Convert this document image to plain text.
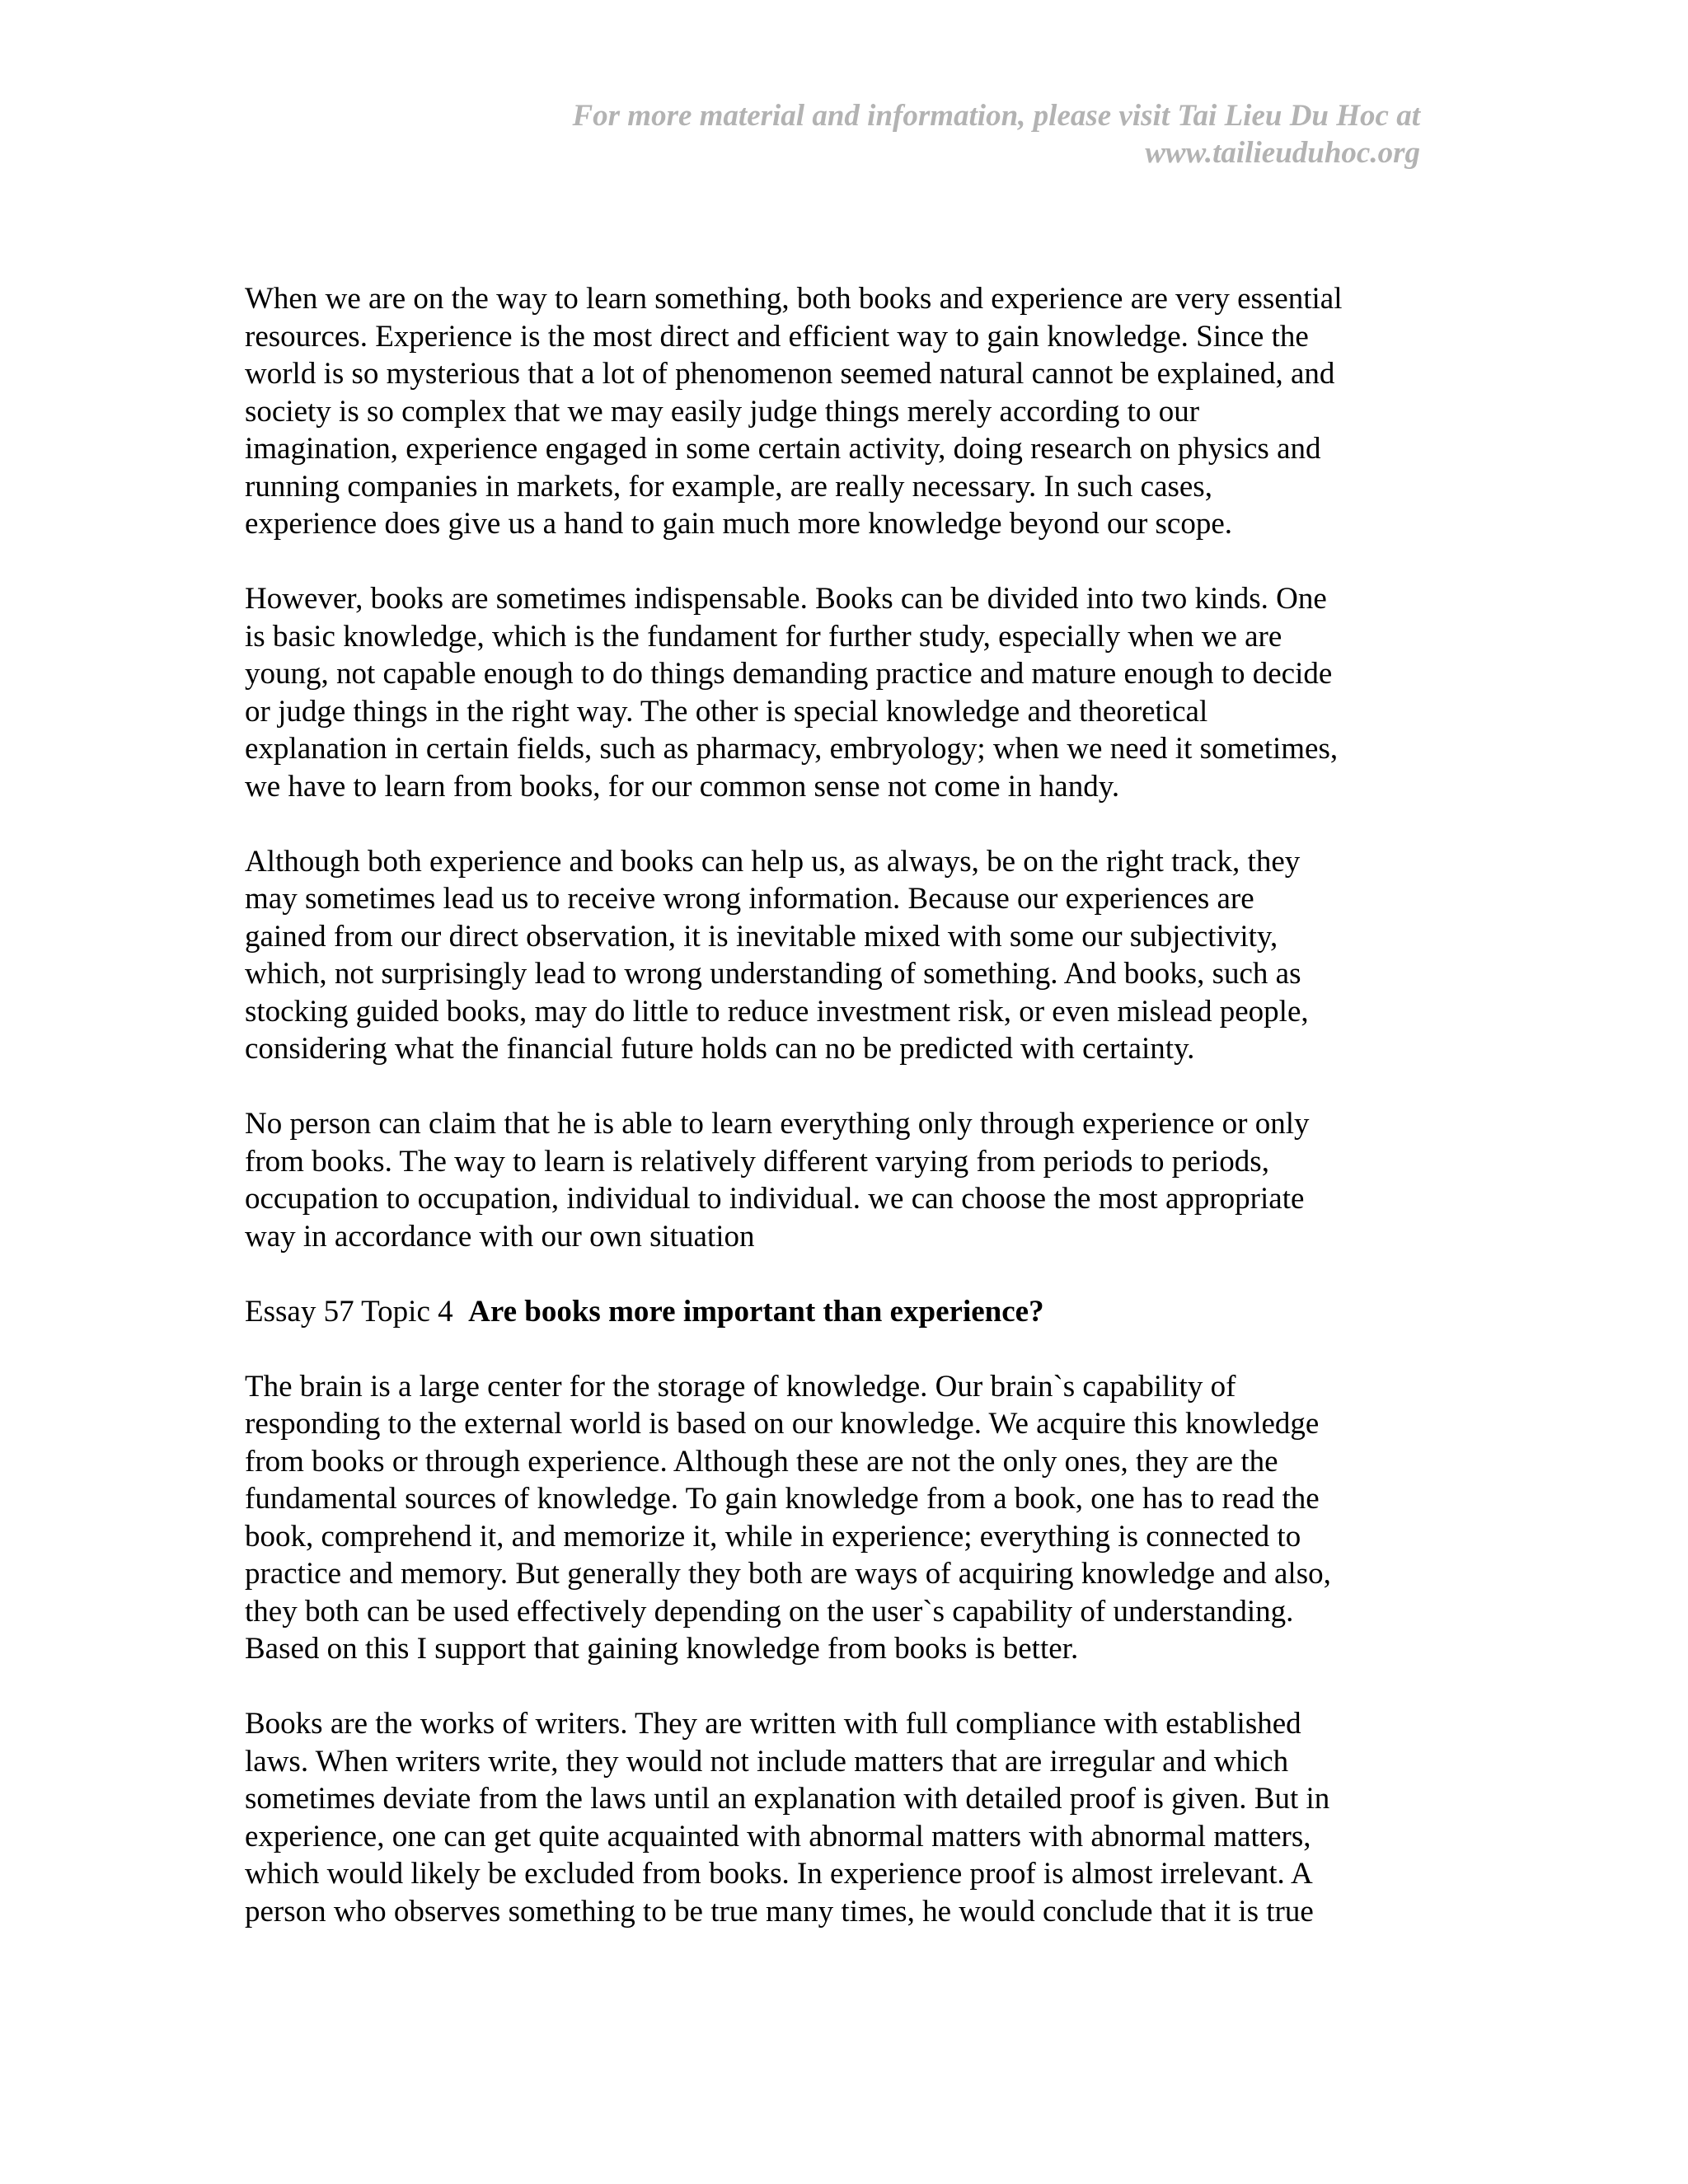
For more material and information, please visit Tai Lieu Du Hoc at
www.tailieuduhoc.org
When we are on the way to learn something, both books and experience are very essential
resources. Experience is the most direct and efficient way to gain knowledge. Since the
world is so mysterious that a lot of phenomenon seemed natural cannot be explained, and
society is so complex that we may easily judge things merely according to our
imagination, experience engaged in some certain activity, doing research on physics and
running companies in markets, for example, are really necessary. In such cases,
experience does give us a hand to gain much more knowledge beyond our scope.
However, books are sometimes indispensable. Books can be divided into two kinds. One
is basic knowledge, which is the fundament for further study, especially when we are
young, not capable enough to do things demanding practice and mature enough to decide
or judge things in the right way. The other is special knowledge and theoretical
explanation in certain fields, such as pharmacy, embryology; when we need it sometimes,
we have to learn from books, for our common sense not come in handy.
Although both experience and books can help us, as always, be on the right track, they
may sometimes lead us to receive wrong information. Because our experiences are
gained from our direct observation, it is inevitable mixed with some our subjectivity,
which, not surprisingly lead to wrong understanding of something. And books, such as
stocking guided books, may do little to reduce investment risk, or even mislead people,
considering what the financial future holds can no be predicted with certainty.
No person can claim that he is able to learn everything only through experience or only
from books. The way to learn is relatively different varying from periods to periods,
occupation to occupation, individual to individual. we can choose the most appropriate
way in accordance with our own situation
Essay 57 Topic 4 Are books more important than experience?
The brain is a large center for the storage of knowledge. Our brain`s capability of
responding to the external world is based on our knowledge. We acquire this knowledge
from books or through experience. Although these are not the only ones, they are the
fundamental sources of knowledge. To gain knowledge from a book, one has to read the
book, comprehend it, and memorize it, while in experience; everything is connected to
practice and memory. But generally they both are ways of acquiring knowledge and also,
they both can be used effectively depending on the user`s capability of understanding.
Based on this I support that gaining knowledge from books is better.
Books are the works of writers. They are written with full compliance with established
laws. When writers write, they would not include matters that are irregular and which
sometimes deviate from the laws until an explanation with detailed proof is given. But in
experience, one can get quite acquainted with abnormal matters with abnormal matters,
which would likely be excluded from books. In experience proof is almost irrelevant. A
person who observes something to be true many times, he would conclude that it is true
